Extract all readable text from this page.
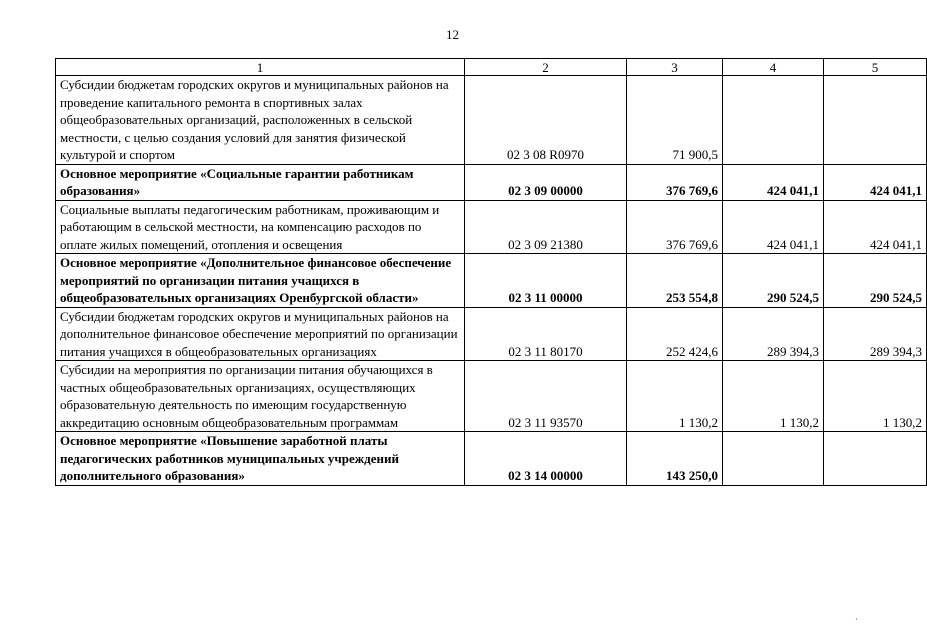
12
1	2	3	4	5
Субсидии бюджетам городских округов и муниципальных районов на проведение капитального ремонта в спортивных залах общеобразовательных организаций, расположенных в сельской местности, с целью создания условий для занятия физической культурой и спортом	02 3 08 R0970	71 900,5		
Основное мероприятие «Социальные гарантии работникам образования»	02 3 09 00000	376 769,6	424 041,1	424 041,1
Социальные выплаты педагогическим работникам, проживающим и работающим в сельской местности, на компенсацию расходов по оплате жилых помещений, отопления и освещения	02 3 09 21380	376 769,6	424 041,1	424 041,1
Основное мероприятие «Дополнительное финансовое обеспечение мероприятий по организации питания учащихся в общеобразовательных организациях Оренбургской области»	02 3 11 00000	253 554,8	290 524,5	290 524,5
Субсидии бюджетам городских округов и муниципальных районов на дополнительное финансовое обеспечение мероприятий по организации питания учащихся в общеобразовательных организациях	02 3 11 80170	252 424,6	289 394,3	289 394,3
Субсидии на мероприятия по организации питания обучающихся в частных общеобразовательных организациях, осуществляющих образовательную деятельность по имеющим государственную аккредитацию основным общеобразовательным программам	02 3 11 93570	1 130,2	1 130,2	1 130,2
Основное мероприятие «Повышение заработной платы педагогических работников муниципальных учреждений дополнительного образования»	02 3 14 00000	143 250,0		
·
